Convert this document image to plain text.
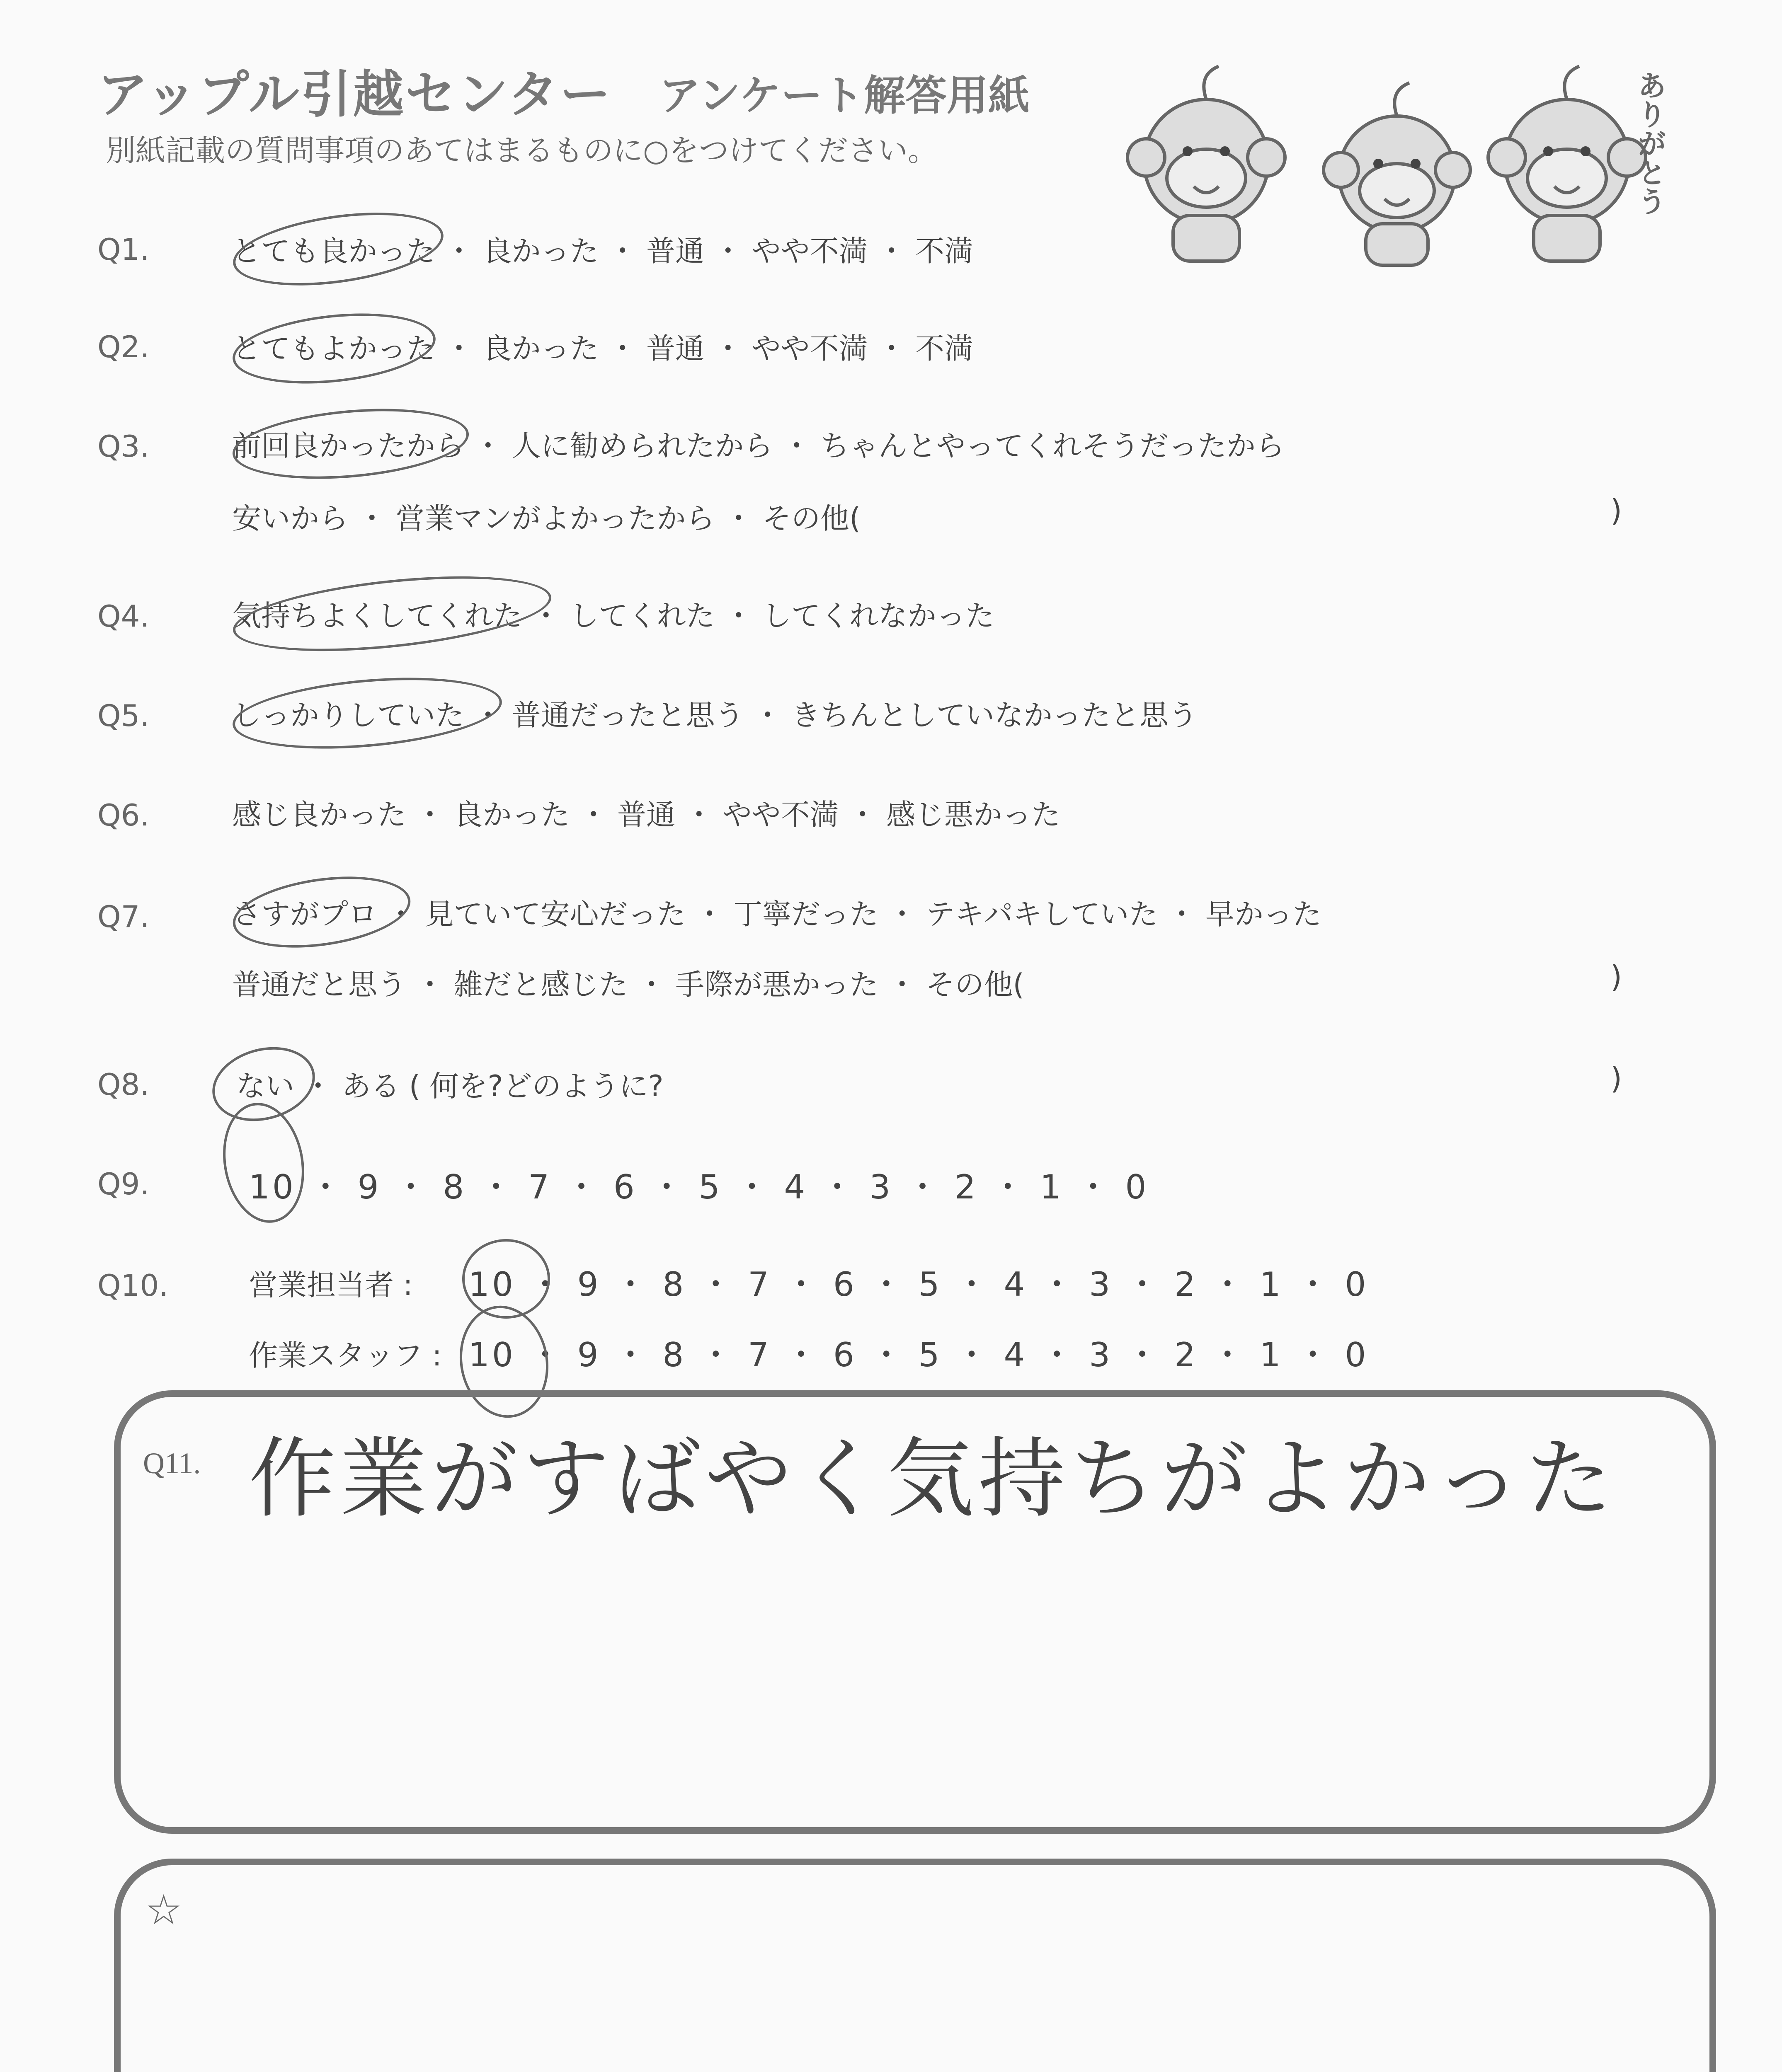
アップル引越センター アンケート解答用紙
別紙記載の質問事項のあてはまるものに○をつけてください。	ありがとう
Q1.	とても良かった ・ 良かった ・ 普通 ・ やや不満 ・ 不満
Q2.	とてもよかった ・ 良かった ・ 普通 ・ やや不満 ・ 不満
Q3.	前回良かったから ・ 人に勧められたから ・ ちゃんとやってくれそうだったから
安いから ・ 営業マンがよかったから ・ その他(	)
Q4.	気持ちよくしてくれた ・ してくれた ・ してくれなかった
Q5.	しっかりしていた ・ 普通だったと思う ・ きちんとしていなかったと思う
Q6.	感じ良かった ・ 良かった ・ 普通 ・ やや不満 ・ 感じ悪かった
Q7.	さすがプロ ・ 見ていて安心だった ・ 丁寧だった ・ テキパキしていた ・ 早かった
普通だと思う ・ 雑だと感じた ・ 手際が悪かった ・ その他(	)
Q8.	ない ・ ある ( 何を?どのように?	)
Q9.	10 ・ 9 ・ 8 ・ 7 ・ 6 ・ 5 ・ 4 ・ 3 ・ 2 ・ 1 ・ 0
Q10.	営業担当者 : 10 ・ 9 ・ 8 ・ 7 ・ 6 ・ 5 ・ 4 ・ 3 ・ 2 ・ 1 ・ 0
作業スタッフ : 10 ・ 9 ・ 8 ・ 7 ・ 6 ・ 5 ・ 4 ・ 3 ・ 2 ・ 1 ・ 0
Q11. 作業がすばやく気持ちがよかった
☆
